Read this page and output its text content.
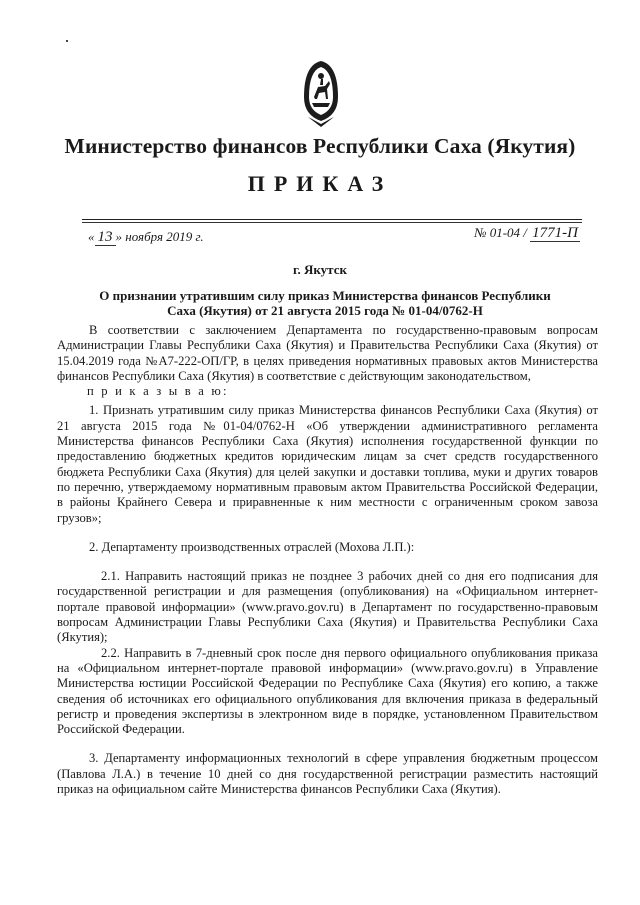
Министерство финансов Республики Саха (Якутия)
ПРИКАЗ
« 13 » ноября 2019 г.	№ 01-04 / 1771-П
г. Якутск
О признании утратившим силу приказ Министерства финансов Республики Саха (Якутия) от 21 августа 2015 года № 01-04/0762-Н

В соответствии с заключением Департамента по государственно-правовым вопросам Администрации Главы Республики Саха (Якутия) и Правительства Республики Саха (Якутия) от 15.04.2019 года №А7-222-ОП/ГР, в целях приведения нормативных правовых актов Министерства финансов Республики Саха (Якутия) в соответствие с действующим законодательством,

п р и к а з ы в а ю:

1. Признать утратившим силу приказ Министерства финансов Республики Саха (Якутия) от 21 августа 2015 года №01-04/0762-Н «Об утверждении административного регламента Министерства финансов Республики Саха (Якутия) исполнения государственной функции по предоставлению бюджетных кредитов юридическим лицам за счет средств государственного бюджета Республики Саха (Якутия) для целей закупки и доставки топлива, муки и других товаров по перечню, утверждаемому нормативным правовым актом Правительства Российской Федерации, в районы Крайнего Севера и приравненные к ним местности с ограниченным сроком завоза грузов»;

2. Департаменту производственных отраслей (Мохова Л.П.):

2.1. Направить настоящий приказ не позднее 3 рабочих дней со дня его подписания для государственной регистрации и для размещения (опубликования) на «Официальном интернет-портале правовой информации» (www.pravo.gov.ru) в Департамент по государственно-правовым вопросам Администрации Главы Республики Саха (Якутия) и Правительства Республики Саха (Якутия);

2.2. Направить в 7-дневный срок после дня первого официального опубликования приказа на «Официальном интернет-портале правовой информации» (www.pravo.gov.ru) в Управление Министерства юстиции Российской Федерации по Республике Саха (Якутия) его копию, а также сведения об источниках его официального опубликования для включения приказа в федеральный регистр и проведения экспертизы в электронном виде в порядке, установленном Правительством Российской Федерации.

3. Департаменту информационных технологий в сфере управления бюджетным процессом (Павлова Л.А.) в течение 10 дней со дня государственной регистрации разместить настоящий приказ на официальном сайте Министерства финансов Республики Саха (Якутия).
